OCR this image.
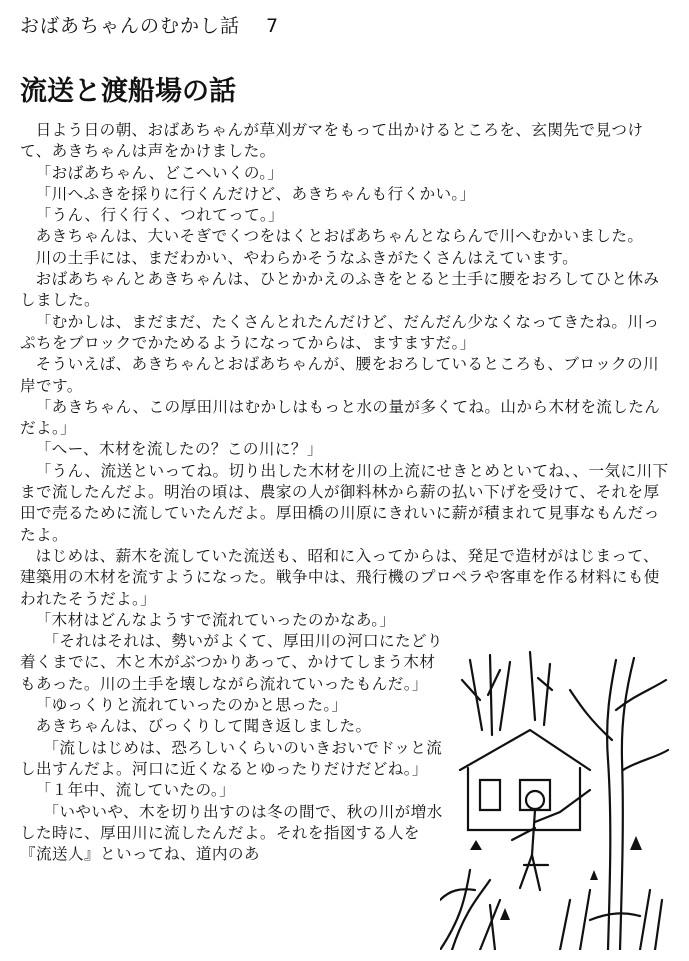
おばあちゃんのむかし話 7
流送と渡船場の話

日よう日の朝、おばあちゃんが草刈ガマをもって出かけるところを、玄関先で見つけて、あきちゃんは声をかけました。

「おばあちゃん、どこへいくの。」

「川へふきを採りに行くんだけど、あきちゃんも行くかい。」

「うん、行く行く、つれてって。」

あきちゃんは、大いそぎでくつをはくとおばあちゃんとならんで川へむかいました。

川の土手には、まだわかい、やわらかそうなふきがたくさんはえています。

おばあちゃんとあきちゃんは、ひとかかえのふきをとると土手に腰をおろしてひと休みしました。

「むかしは、まだまだ、たくさんとれたんだけど、だんだん少なくなってきたね。川っぷちをブロックでかためるようになってからは、ますますだ。」

そういえば、あきちゃんとおばあちゃんが、腰をおろしているところも、ブロックの川岸です。

「あきちゃん、この厚田川はむかしはもっと水の量が多くてね。山から木材を流したんだよ。」

「へー、木材を流したの？この川に？」

「うん、流送といってね。切り出した木材を川の上流にせきとめといてね、、一気に川下まで流したんだよ。明治の頃は、農家の人が御料林から薪の払い下げを受けて、それを厚田で売るために流していたんだよ。厚田橋の川原にきれいに薪が積まれて見事なもんだったよ。

はじめは、薪木を流していた流送も、昭和に入ってからは、発足で造材がはじまって、建築用の木材を流すようになった。戦争中は、飛行機のプロペラや客車を作る材料にも使われたそうだよ。」

「木材はどんなようすで流れていったのかなあ。」

「それはそれは、勢いがよくて、厚田川の河口にたどり着くまでに、木と木がぶつかりあって、かけてしまう木材もあった。川の土手を壊しながら流れていったもんだ。」

「ゆっくりと流れていったのかと思った。」

あきちゃんは、びっくりして聞き返しました。

「流しはじめは、恐ろしいくらいのいきおいでドッと流し出すんだよ。河口に近くなるとゆったりだけだどね。」

「１年中、流していたの。」

「いやいや、木を切り出すのは冬の間で、秋の川が増水した時に、厚田川に流したんだよ。それを指図する人を『流送人』といってね、道内のあ
